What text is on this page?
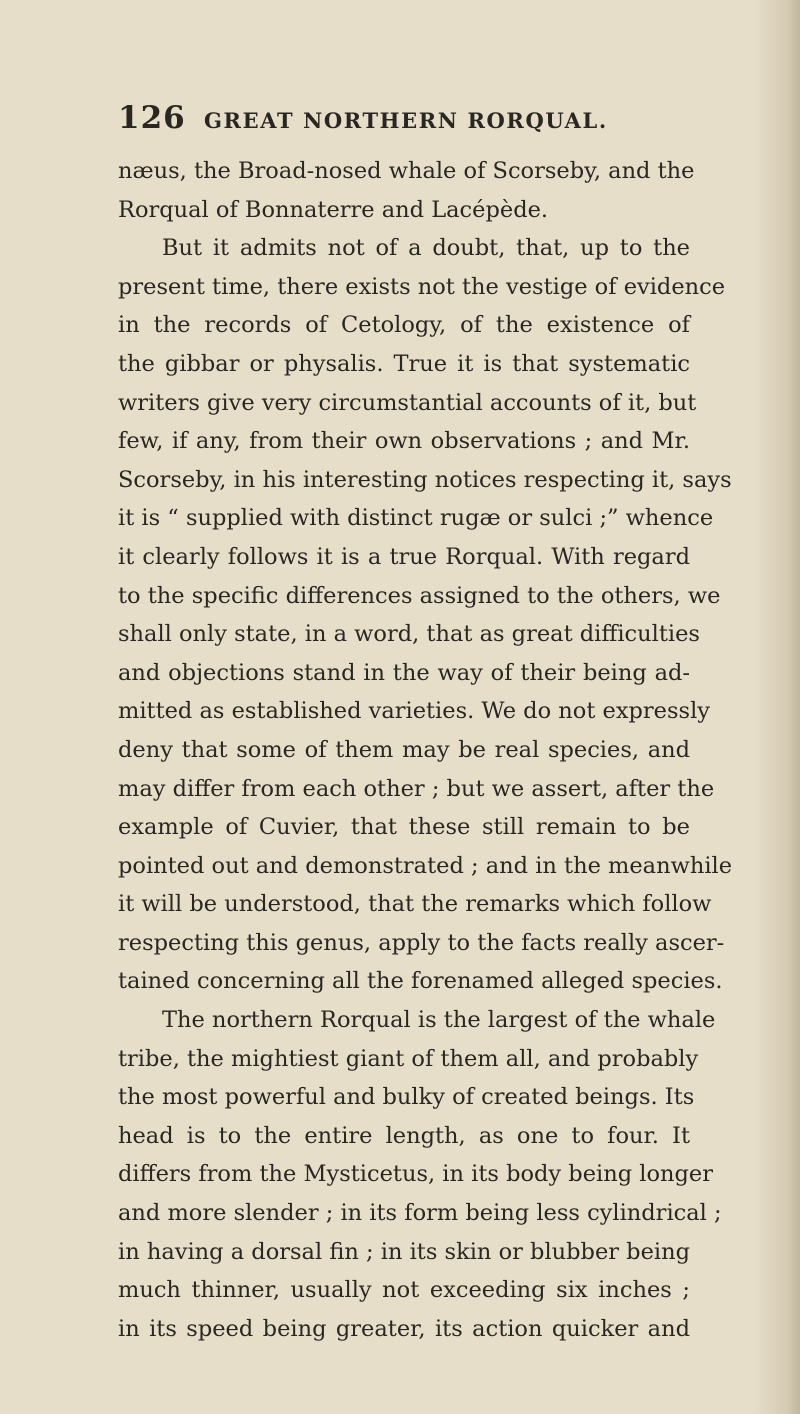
126 GREAT NORTHERN RORQUAL.
næus, the Broad-nosed whale of Scorseby, and the
Rorqual of Bonnaterre and Lacépède.
But it admits not of a doubt, that, up to the
present time, there exists not the vestige of evidence
in the records of Cetology, of the existence of
the gibbar or physalis. True it is that systematic
writers give very circumstantial accounts of it, but
few, if any, from their own observations ; and Mr.
Scorseby, in his interesting notices respecting it, says
it is “ supplied with distinct rugæ or sulci ;” whence
it clearly follows it is a true Rorqual. With regard
to the specific differences assigned to the others, we
shall only state, in a word, that as great difficulties
and objections stand in the way of their being ad-
mitted as established varieties. We do not expressly
deny that some of them may be real species, and
may differ from each other ; but we assert, after the
example of Cuvier, that these still remain to be
pointed out and demonstrated ; and in the meanwhile
it will be understood, that the remarks which follow
respecting this genus, apply to the facts really ascer-
tained concerning all the forenamed alleged species.
The northern Rorqual is the largest of the whale
tribe, the mightiest giant of them all, and probably
the most powerful and bulky of created beings. Its
head is to the entire length, as one to four. It
differs from the Mysticetus, in its body being longer
and more slender ; in its form being less cylindrical ;
in having a dorsal fin ; in its skin or blubber being
much thinner, usually not exceeding six inches ;
in its speed being greater, its action quicker and
